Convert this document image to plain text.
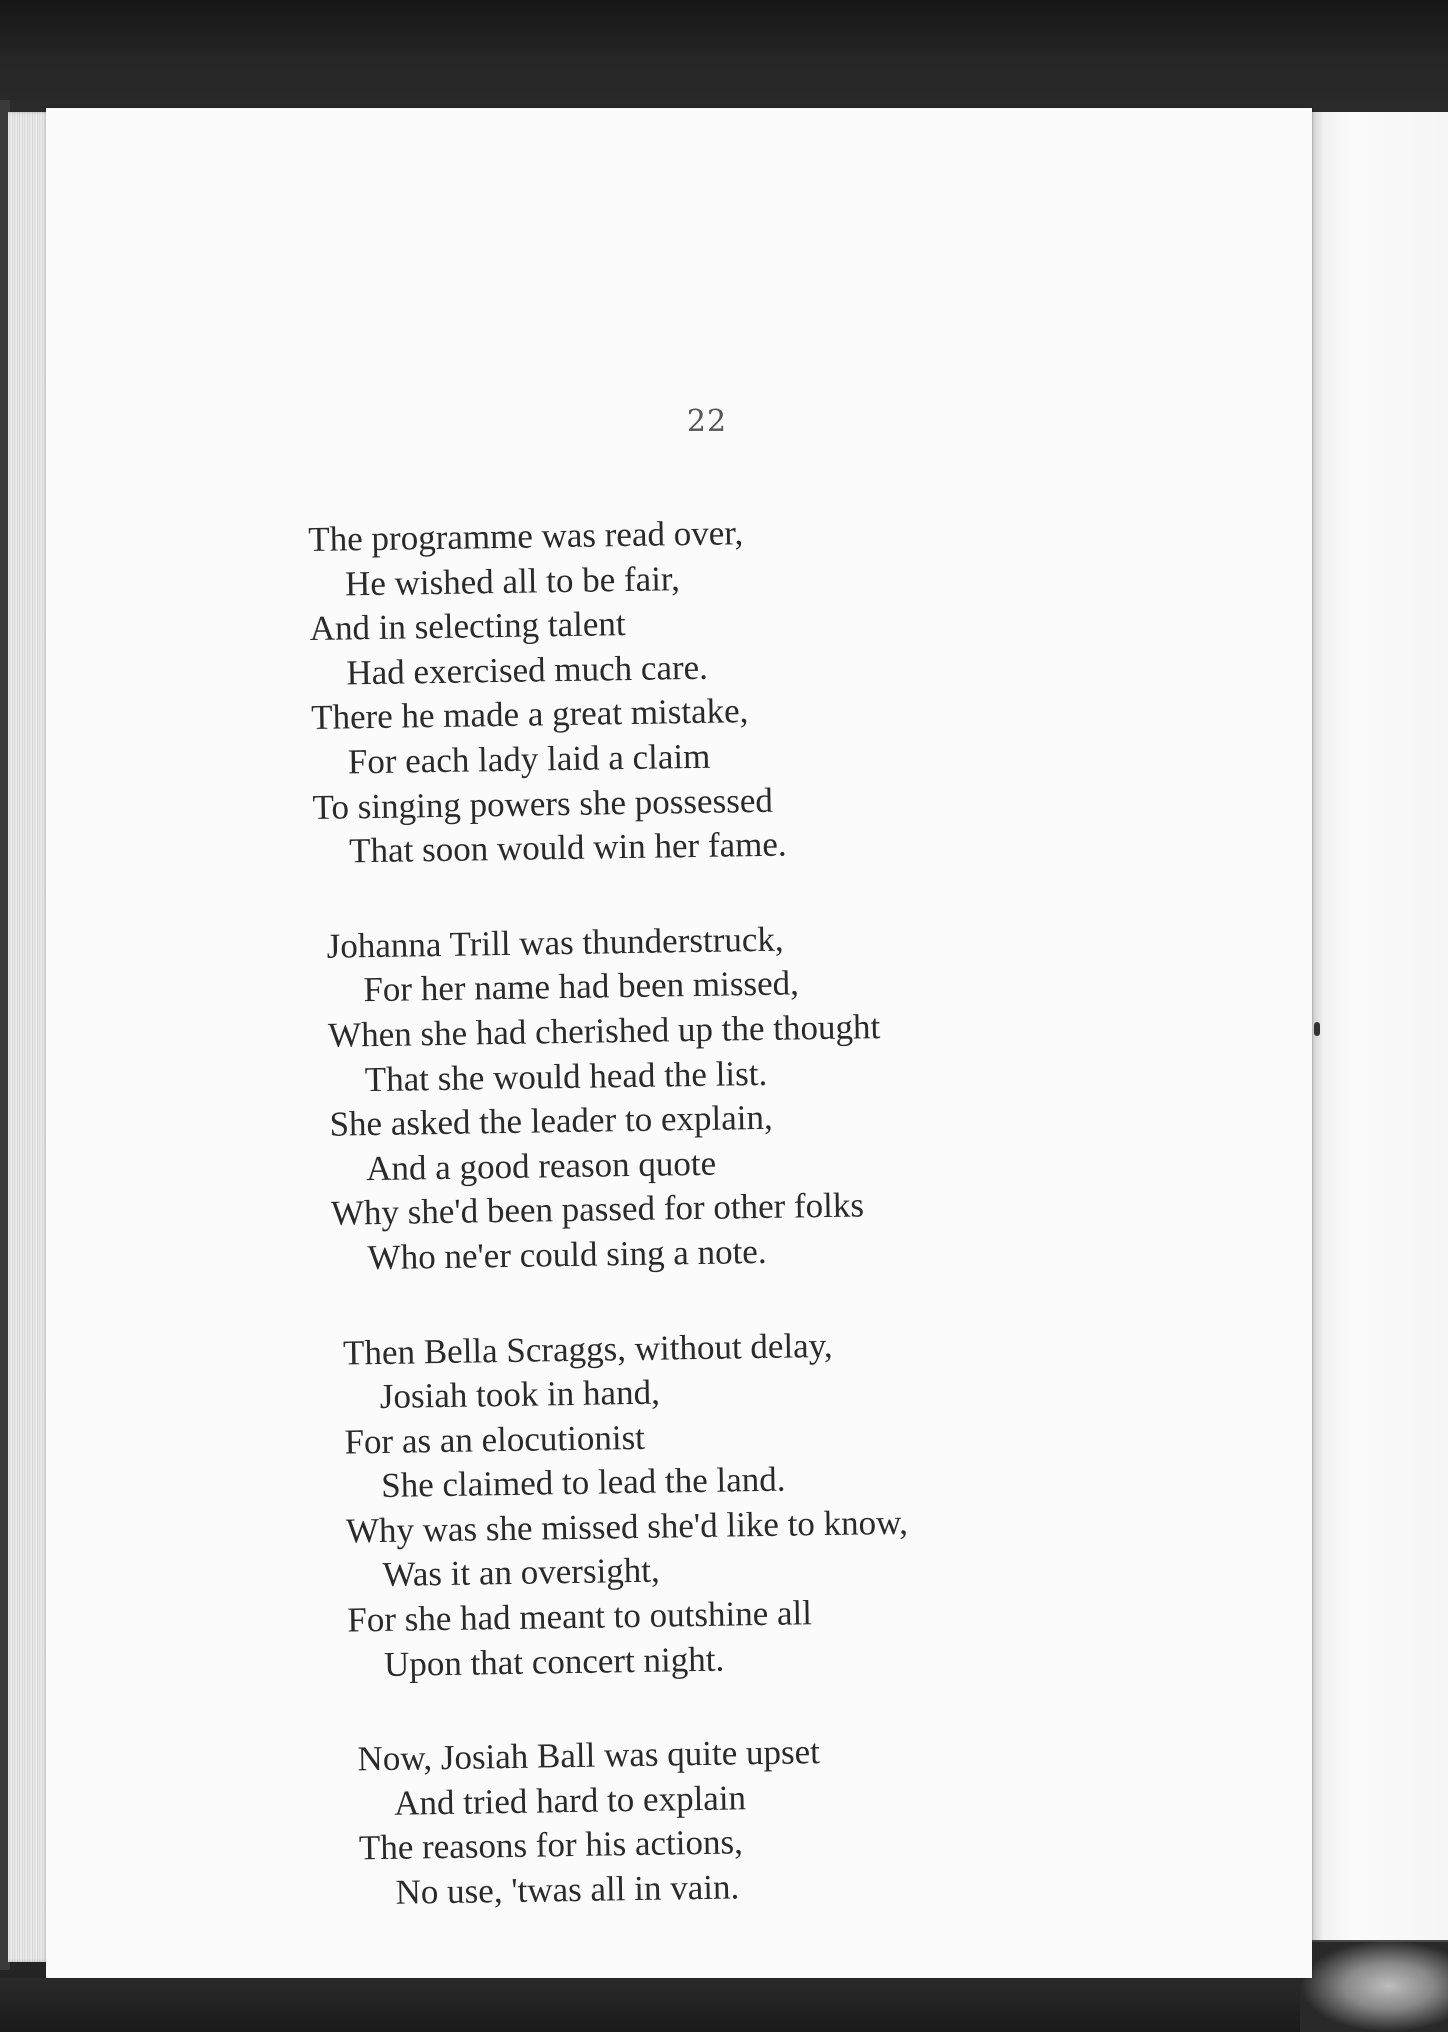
22
The programme was read over,
He wished all to be fair,
And in selecting talent
Had exercised much care.
There he made a great mistake,
For each lady laid a claim
To singing powers she possessed
That soon would win her fame.
Johanna Trill was thunderstruck,
For her name had been missed,
When she had cherished up the thought
That she would head the list.
She asked the leader to explain,
And a good reason quote
Why she'd been passed for other folks
Who ne'er could sing a note.
Then Bella Scraggs, without delay,
Josiah took in hand,
For as an elocutionist
She claimed to lead the land.
Why was she missed she'd like to know,
Was it an oversight,
For she had meant to outshine all
Upon that concert night.
Now, Josiah Ball was quite upset
And tried hard to explain
The reasons for his actions,
No use, 'twas all in vain.
